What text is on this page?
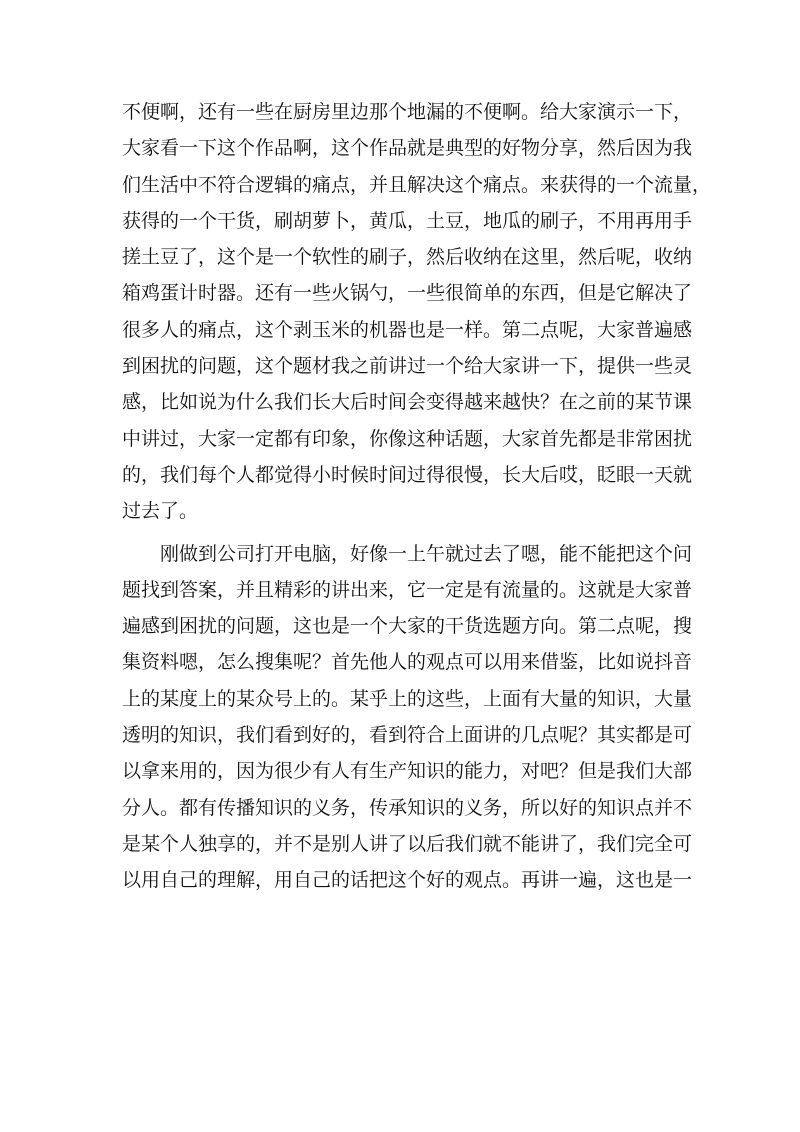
不便啊，还有一些在厨房里边那个地漏的不便啊。给大家演示一下，
大家看一下这个作品啊，这个作品就是典型的好物分享，然后因为我
们生活中不符合逻辑的痛点，并且解决这个痛点。来获得的一个流量，
获得的一个干货，刷胡萝卜，黄瓜，土豆，地瓜的刷子，不用再用手
搓土豆了，这个是一个软性的刷子，然后收纳在这里，然后呢，收纳
箱鸡蛋计时器。还有一些火锅勺，一些很简单的东西，但是它解决了
很多人的痛点，这个剥玉米的机器也是一样。第二点呢，大家普遍感
到困扰的问题，这个题材我之前讲过一个给大家讲一下，提供一些灵
感，比如说为什么我们长大后时间会变得越来越快？在之前的某节课
中讲过，大家一定都有印象，你像这种话题，大家首先都是非常困扰
的，我们每个人都觉得小时候时间过得很慢，长大后哎，眨眼一天就
过去了。
刚做到公司打开电脑，好像一上午就过去了嗯，能不能把这个问
题找到答案，并且精彩的讲出来，它一定是有流量的。这就是大家普
遍感到困扰的问题，这也是一个大家的干货选题方向。第二点呢，搜
集资料嗯，怎么搜集呢？首先他人的观点可以用来借鉴，比如说抖音
上的某度上的某众号上的。某乎上的这些，上面有大量的知识，大量
透明的知识，我们看到好的，看到符合上面讲的几点呢？其实都是可
以拿来用的，因为很少有人有生产知识的能力，对吧？但是我们大部
分人。都有传播知识的义务，传承知识的义务，所以好的知识点并不
是某个人独享的，并不是别人讲了以后我们就不能讲了，我们完全可
以用自己的理解，用自己的话把这个好的观点。再讲一遍，这也是一
